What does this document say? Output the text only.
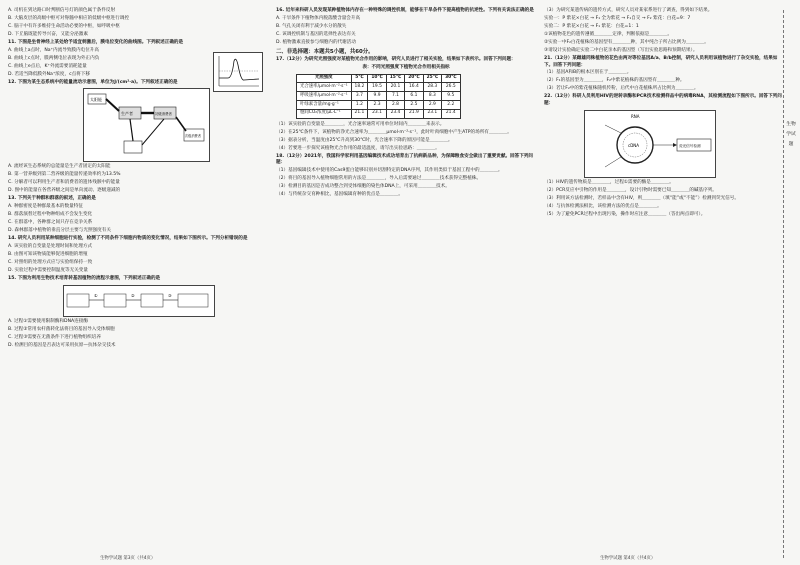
A. 司机在到达路口时判断信号灯的颜色属于条件反射

B. 大脑皮层的高级中枢可对脊髓中相应的低级中枢进行调控

C. 脑干中有许多维持生命活动必要的中枢，如呼吸中枢

D. 下丘脑既能传导兴奋，又能分泌激素

11. 下图是坐骨神经上某处给予适宜刺激后，膜电位变化的曲线图。下列叙述正确的是

A. 曲线上a点时，Na⁺内流导致膜内电位升高

B. 曲线上c点时，膜两侧电位表现为外正内负

C. 曲线上e点后，K⁺外流需要消耗能量

D. 若适当降低膜外Na⁺浓度，c点将下移

12. 下图为某生态系统中的能量流动示意图，单位为J/(cm²·a)。下列叙述正确的是

太阳能
生产者	初级消费者
次级消费者

A. 流经该生态系统的总能量是生产者固定的太阳能

B. 第一营养级到第二营养级的能量传递效率约为13.5%

C. 分解者可以利用生产者和消费者的遗体残骸中的能量

D. 图中的能量在各营养级之间是单向流动、逐级递减的

13. 下列关于种群和群落的叙述，正确的是

A. 种群密度是种群最基本的数量特征

B. 群落演替过程中物种组成不会发生变化

C. 在群落中，各种群之间只存在竞争关系

D. 森林群落中植物的垂直分层主要与光照强度有关

14. 研究人员利用某种细胞进行实验，检测了不同条件下细胞内物质的变化情况，结果如下图所示。下列分析错误的是

A. 该实验的自变量是处理时间和处理方式

B. 由图可知该物质能够促进细胞的增殖

C. 对照组的处理方式应与实验组保持一致

D. 实验过程中需要控制温度等无关变量

15. 下图为利用生物技术培育转基因植物的流程示意图，下列叙述正确的是

①	②	③

A. 过程①需要使用限制酶和DNA连接酶

B. 过程②常用农杆菌转化法将目的基因导入受体细胞

C. 过程③需要在无菌条件下进行植物组织培养

D. 检测目的基因是否表达可采用抗原—抗体杂交技术

16. 近年来科研人员发现某种植物体内存在一种特殊的调控机制，能够在干旱条件下提高植物的抗逆性。下列有关说法正确的是

A. 干旱条件下植物体内脱落酸含量会升高

B. 气孔关闭有利于减少水分的散失

C. 该调控机制与基因的选择性表达有关

D. 植物激素直接参与细胞内的代谢活动

二、非选择题：本题共5小题，共60分。

17.（12分）为研究光照强度对某植物光合作用的影响，研究人员进行了相关实验，结果如下表所示。回答下列问题：

表：不同光照强度下植物光合作用相关指标

光照强度	5℃	10℃	15℃	20℃	25℃	30℃
光合速率/μmol·m⁻²·s⁻¹	18.2	19.5	20.1	16.4	28.3	26.5
呼吸速率/μmol·m⁻²·s⁻¹	3.7	9.9	7.1	6.1	8.3	9.5
叶绿素含量/mg·g⁻¹	1.2	2.3	2.8	2.5	2.9	2.2
胞间CO₂浓度/μL·L⁻¹	21.1	23.1	23.4	21.9	23.1	21.4

（1）该实验的自变量是＿＿＿＿，光合速率通常可用单位时间内＿＿＿＿来表示。

（2）在25℃条件下，该植物的净光合速率为＿＿＿＿μmol·m⁻²·s⁻¹，此时叶肉细胞中产生ATP的场所有＿＿＿＿。

（3）据表分析，当温度由25℃升高到30℃时，光合速率下降的原因可能是＿＿＿＿。

（4）若要进一步探究该植物光合作用的最适温度，请写出实验思路：＿＿＿＿。

18.（12分）2021年，我国科学家利用基因编辑技术成功培育出了抗病新品种，为保障粮食安全做出了重要贡献。回答下列问题：

（1）基因编辑技术中使用的Cas9蛋白能够识别并切割特定的DNA序列，其作用类似于基因工程中的＿＿＿＿。

（2）将目的基因导入植物细胞常用的方法是＿＿＿＿，导入后需要通过＿＿＿＿技术获得完整植株。

（3）检测目的基因是否成功整合到受体细胞的染色体DNA上，可采用＿＿＿＿技术。

（4）与传统杂交育种相比，基因编辑育种的优点是＿＿＿＿。

（3）为研究某遗传病的遗传方式，研究人员对某家系进行了调查，得到如下结果。

实验一：P 紫花×白花 → F₁ 全为紫花 → F₁自交 → F₂ 紫花：白花=9：7

实验二：P 紫花×白花 → F₁ 紫花：白花=1：1

①该植物花色的遗传遵循＿＿＿＿定律，判断依据是＿＿＿＿。

②实验一中F₂白花植株的基因型有＿＿＿＿种，其中纯合子所占比例为＿＿＿＿。

③请设计实验确定实验二中白花亲本的基因型（写出实验思路和预期结果）。

21.（12分）某雌雄同株植物的花色由两对等位基因A/a、B/b控制，研究人员利用该植物进行了杂交实验，结果如下。回答下列问题：

（1）基因A和B的根本区别在于＿＿＿＿。

（2）F₁的基因型为＿＿＿＿，F₂中紫花植株的基因型有＿＿＿＿种。

（3）若让F₂中的紫花植株随机传粉，后代中白花植株所占比例为＿＿＿＿。

22.（12分）科研人员利用HIV的逆转录酶和PCR技术检测样品中的病毒RNA，其检测流程如下图所示。回答下列问题：

RNA
cDNA	荧光信号检测

（1）HIV的遗传物质是＿＿＿＿，过程①需要的酶是＿＿＿＿。

（2）PCR反应中引物的作用是＿＿＿＿，设计引物时需要已知＿＿＿＿的碱基序列。

（3）利用该方法检测时，若样品中含有HIV，则＿＿＿＿（填“能”或“不能”）检测到荧光信号。

（4）与抗体检测法相比，该检测方法的优点是＿＿＿＿。

（5）为了避免PCR过程中出现污染，操作时应注意＿＿＿＿（答出两点即可）。

生物学试题
生物学试题 第3页（共4页）	生物学试题 第4页（共4页）
